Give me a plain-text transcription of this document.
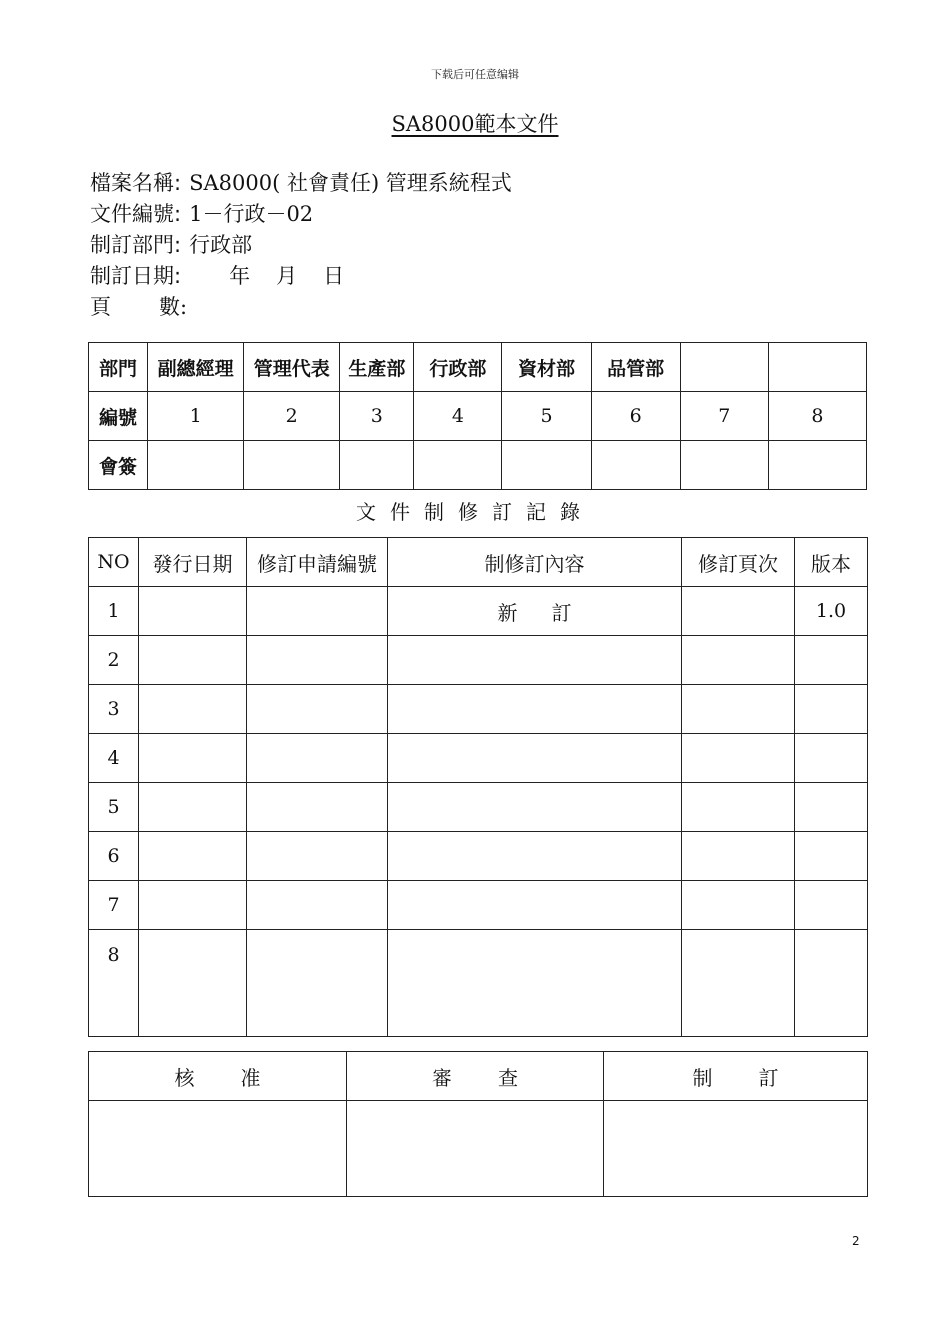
下载后可任意编辑
SA8000範本文件
檔案名稱: SA8000( 社會責任) 管理系統程式
文件編號: 1－行政－02
制訂部門: 行政部
制訂日期: 年 月 日
頁 數:
部門	副總經理	管理代表	生產部	行政部	資材部	品管部		
編號	1	2	3	4	5	6	7	8
會簽								
文件制修訂記錄
NO	發行日期	修訂申請編號	制修訂內容	修訂頁次	版本
1			新訂		1.0
2					
3					
4					
5					
6					
7					
8					
核准	審查	制訂

2
